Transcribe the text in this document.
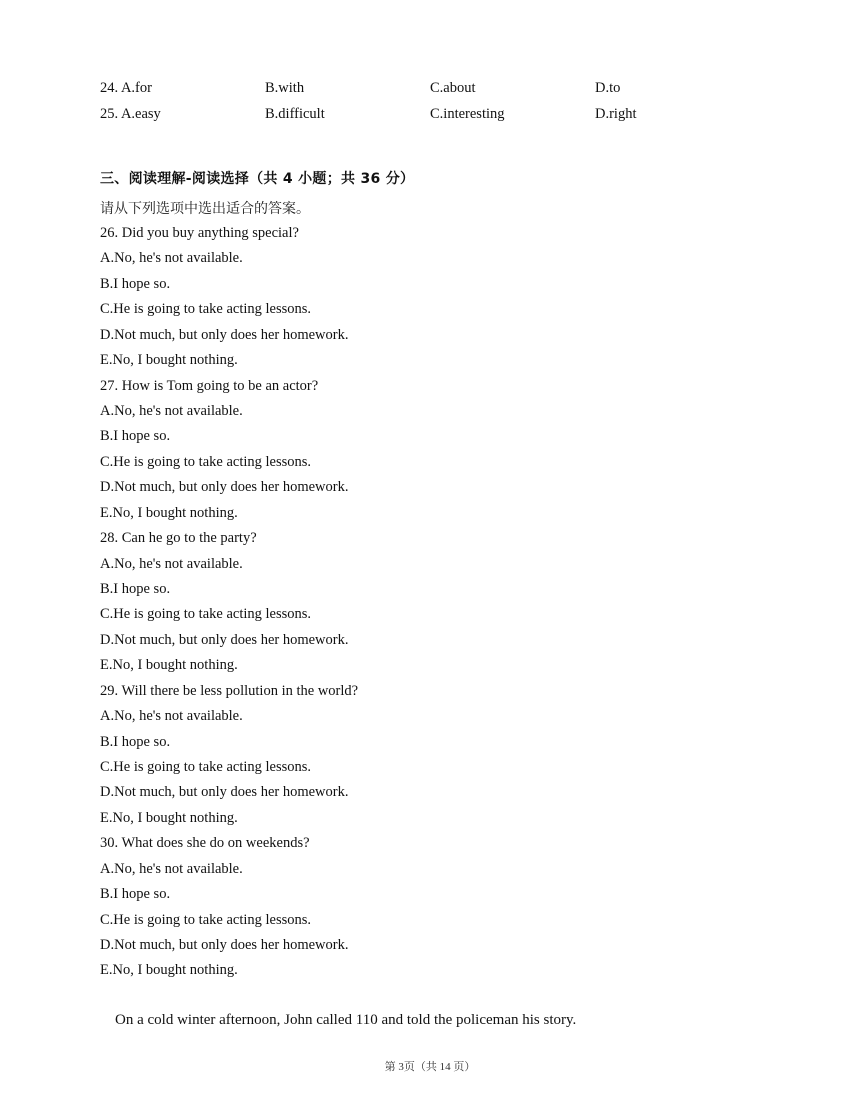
24. A.for	B.with	C.about	D.to
25. A.easy	B.difficult	C.interesting	D.right
三、阅读理解-阅读选择（共 4 小题；共 36 分）
请从下列选项中选出适合的答案。
26. Did you buy anything special?
A.No, he's not available.
B.I hope so.
C.He is going to take acting lessons.
D.Not much, but only does her homework.
E.No, I bought nothing.
27. How is Tom going to be an actor?
A.No, he's not available.
B.I hope so.
C.He is going to take acting lessons.
D.Not much, but only does her homework.
E.No, I bought nothing.
28. Can he go to the party?
A.No, he's not available.
B.I hope so.
C.He is going to take acting lessons.
D.Not much, but only does her homework.
E.No, I bought nothing.
29. Will there be less pollution in the world?
A.No, he's not available.
B.I hope so.
C.He is going to take acting lessons.
D.Not much, but only does her homework.
E.No, I bought nothing.
30. What does she do on weekends?
A.No, he's not available.
B.I hope so.
C.He is going to take acting lessons.
D.Not much, but only does her homework.
E.No, I bought nothing.
On a cold winter afternoon, John called 110 and told the policeman his story.
第 3页（共 14 页）
